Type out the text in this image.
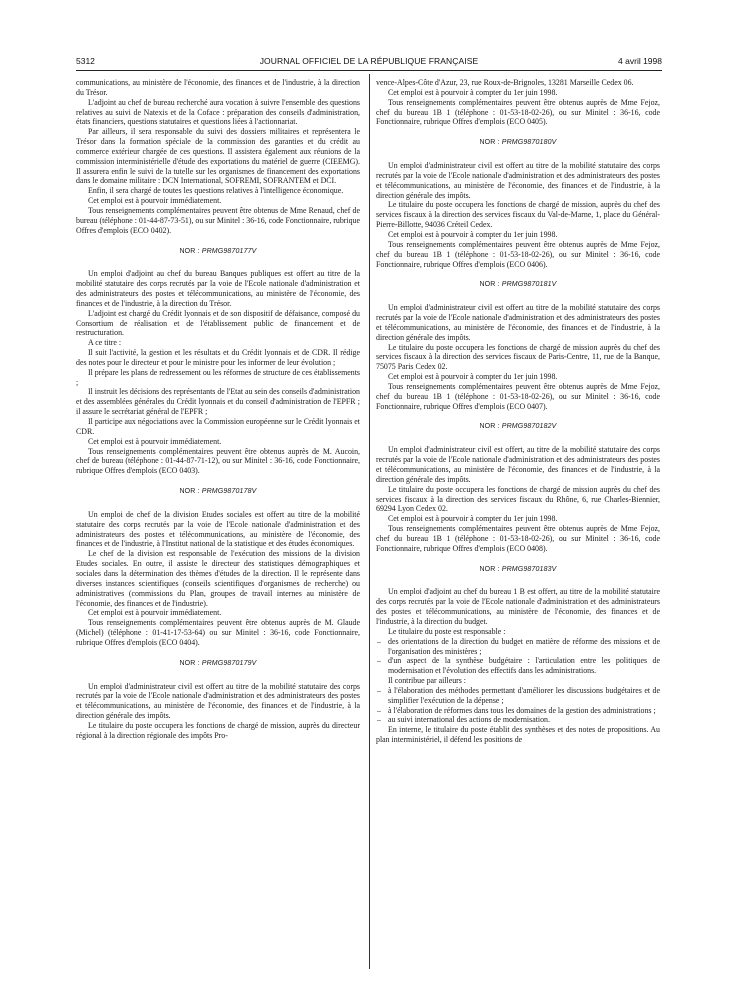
5312	JOURNAL OFFICIEL DE LA RÉPUBLIQUE FRANÇAISE	4 avril 1998

communications, au ministère de l'économie, des finances et de l'industrie, à la direction du Trésor.

L'adjoint au chef de bureau recherché aura vocation à suivre l'ensemble des questions relatives au suivi de Natexis et de la Coface : préparation des conseils d'administration, états financiers, questions statutaires et questions liées à l'actionnariat.

Par ailleurs, il sera responsable du suivi des dossiers militaires et représentera le Trésor dans la formation spéciale de la commission des garanties et du crédit au commerce extérieur chargée de ces questions. Il assistera également aux réunions de la commission interministérielle d'étude des exportations du matériel de guerre (CIEEMG). Il assurera enfin le suivi de la tutelle sur les organismes de financement des exportations dans le domaine militaire : DCN International, SOFREMI, SOFRANTEM et DCI.

Enfin, il sera chargé de toutes les questions relatives à l'intelligence économique.

Cet emploi est à pourvoir immédiatement.

Tous renseignements complémentaires peuvent être obtenus de Mme Renaud, chef de bureau (téléphone : 01-44-87-73-51), ou sur Minitel : 36-16, code Fonctionnaire, rubrique Offres d'emplois (ECO 0402).

NOR : PRMG9870177V

Un emploi d'adjoint au chef du bureau Banques publiques est offert au titre de la mobilité statutaire des corps recrutés par la voie de l'Ecole nationale d'administration et des administrateurs des postes et télécommunications, au ministère de l'économie, des finances et de l'industrie, à la direction du Trésor.

L'adjoint est chargé du Crédit lyonnais et de son dispositif de défaisance, composé du Consortium de réalisation et de l'établissement public de financement et de restructuration.

A ce titre :

Il suit l'activité, la gestion et les résultats et du Crédit lyonnais et de CDR. Il rédige des notes pour le directeur et pour le ministre pour les informer de leur évolution ;

Il prépare les plans de redressement ou les réformes de structure de ces établissements ;

Il instruit les décisions des représentants de l'Etat au sein des conseils d'administration et des assemblées générales du Crédit lyonnais et du conseil d'administration de l'EPFR ; il assure le secrétariat général de l'EPFR ;

Il participe aux négociations avec la Commission européenne sur le Crédit lyonnais et CDR.

Cet emploi est à pourvoir immédiatement.

Tous renseignements complémentaires peuvent être obtenus auprès de M. Aucoin, chef de bureau (téléphone : 01-44-87-71-12), ou sur Minitel : 36-16, code Fonctionnaire, rubrique Offres d'emplois (ECO 0403).

NOR : PRMG9870178V

Un emploi de chef de la division Etudes sociales est offert au titre de la mobilité statutaire des corps recrutés par la voie de l'Ecole nationale d'administration et des administrateurs des postes et télécommunications, au ministère de l'économie, des finances et de l'industrie, à l'Institut national de la statistique et des études économiques.

Le chef de la division est responsable de l'exécution des missions de la division Etudes sociales. En outre, il assiste le directeur des statistiques démographiques et sociales dans la détermination des thèmes d'études de la direction. Il le représente dans diverses instances scientifiques (conseils scientifiques d'organismes de recherche) ou administratives (commissions du Plan, groupes de travail internes au ministère de l'économie, des finances et de l'industrie).

Cet emploi est à pourvoir immédiatement.

Tous renseignements complémentaires peuvent être obtenus auprès de M. Glaude (Michel) (téléphone : 01-41-17-53-64) ou sur Minitel : 36-16, code Fonctionnaire, rubrique Offres d'emplois (ECO 0404).

NOR : PRMG9870179V

Un emploi d'administrateur civil est offert au titre de la mobilité statutaire des corps recrutés par la voie de l'Ecole nationale d'administration et des administrateurs des postes et télécommunications, au ministère de l'économie, des finances et de l'industrie, à la direction générale des impôts.

Le titulaire du poste occupera les fonctions de chargé de mission, auprès du directeur régional à la direction régionale des impôts Pro-

vence-Alpes-Côte d'Azur, 23, rue Roux-de-Brignoles, 13281 Marseille Cedex 06.

Cet emploi est à pourvoir à compter du 1er juin 1998.

Tous renseignements complémentaires peuvent être obtenus auprès de Mme Fejoz, chef du bureau 1B 1 (téléphone : 01-53-18-02-26), ou sur Minitel : 36-16, code Fonctionnaire, rubrique Offres d'emplois (ECO 0405).

NOR : PRMG9870180V

Un emploi d'administrateur civil est offert au titre de la mobilité statutaire des corps recrutés par la voie de l'Ecole nationale d'administration et des administrateurs des postes et télécommunications, au ministère de l'économie, des finances et de l'industrie, à la direction générale des impôts.

Le titulaire du poste occupera les fonctions de chargé de mission, auprès du chef des services fiscaux à la direction des services fiscaux du Val-de-Marne, 1, place du Général-Pierre-Billotte, 94036 Créteil Cedex.

Cet emploi est à pourvoir à compter du 1er juin 1998.

Tous renseignements complémentaires peuvent être obtenus auprès de Mme Fejoz, chef du bureau 1B 1 (téléphone : 01-53-18-02-26), ou sur Minitel : 36-16, code Fonctionnaire, rubrique Offres d'emplois (ECO 0406).

NOR : PRMG9870181V

Un emploi d'administrateur civil est offert au titre de la mobilité statutaire des corps recrutés par la voie de l'Ecole nationale d'administration et des administrateurs des postes et télécommunications, au ministère de l'économie, des finances et de l'industrie, à la direction générale des impôts.

Le titulaire du poste occupera les fonctions de chargé de mission auprès du chef des services fiscaux à la direction des services fiscaux de Paris-Centre, 11, rue de la Banque, 75075 Paris Cedex 02.

Cet emploi est à pourvoir à compter du 1er juin 1998.

Tous renseignements complémentaires peuvent être obtenus auprès de Mme Fejoz, chef du bureau 1B 1 (téléphone : 01-53-18-02-26), ou sur Minitel : 36-16, code Fonctionnaire, rubrique Offres d'emplois (ECO 0407).

NOR : PRMG9870182V

Un emploi d'administrateur civil est offert, au titre de la mobilité statutaire des corps recrutés par la voie de l'Ecole nationale d'administration et des administrateurs des postes et télécommunications, au ministère de l'économie, des finances et de l'industrie, à la direction générale des impôts.

Le titulaire du poste occupera les fonctions de chargé de mission auprès du chef des services fiscaux à la direction des services fiscaux du Rhône, 6, rue Charles-Biennier, 69294 Lyon Cedex 02.

Cet emploi est à pourvoir à compter du 1er juin 1998.

Tous renseignements complémentaires peuvent être obtenus auprès de Mme Fejoz, chef du bureau 1B 1 (téléphone : 01-53-18-02-26), ou sur Minitel : 36-16, code Fonctionnaire, rubrique Offres d'emplois (ECO 0408).

NOR : PRMG9870183V

Un emploi d'adjoint au chef du bureau 1 B est offert, au titre de la mobilité statutaire des corps recrutés par la voie de l'Ecole nationale d'administration et des administrateurs des postes et télécommunications, au ministère de l'économie, des finances et de l'industrie, à la direction du budget.

Le titulaire du poste est responsable :

– des orientations de la direction du budget en matière de réforme des missions et de l'organisation des ministères ;
– d'un aspect de la synthèse budgétaire : l'articulation entre les politiques de modernisation et l'évolution des effectifs dans les administrations.

Il contribue par ailleurs :

– à l'élaboration des méthodes permettant d'améliorer les discussions budgétaires et de simplifier l'exécution de la dépense ;
– à l'élaboration de réformes dans tous les domaines de la gestion des administrations ;
– au suivi international des actions de modernisation.

En interne, le titulaire du poste établit des synthèses et des notes de propositions. Au plan interministériel, il défend les positions de
